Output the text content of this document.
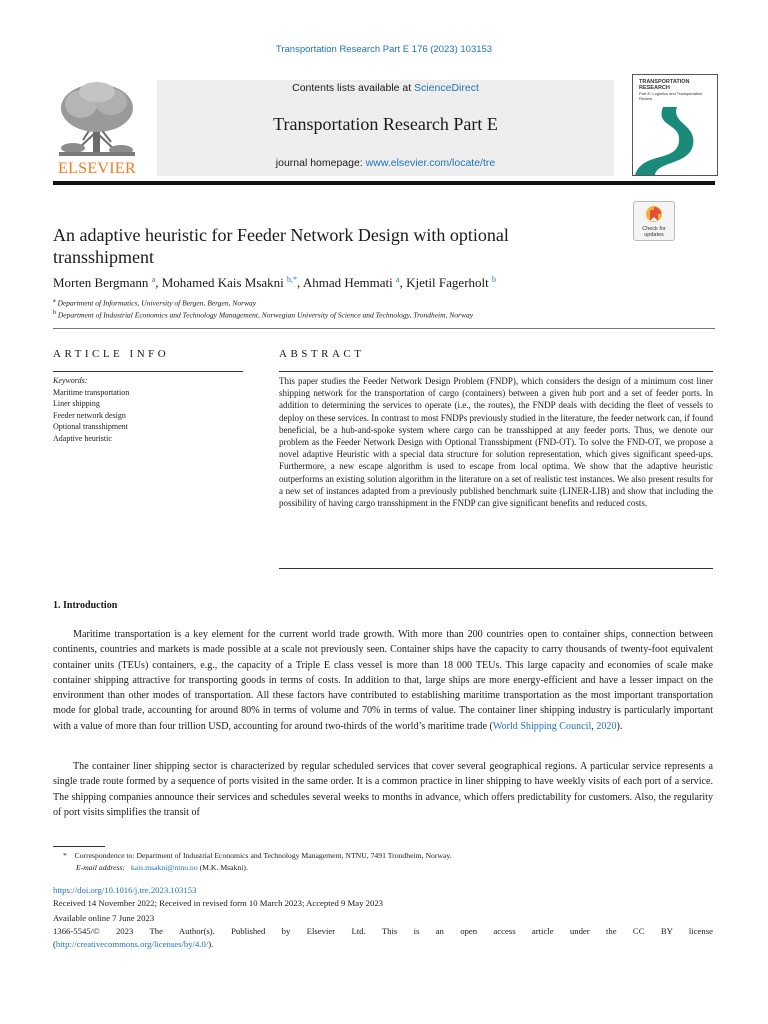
Transportation Research Part E 176 (2023) 103153
ELSEVIER
Contents lists available at ScienceDirect
Transportation Research Part E
journal homepage: www.elsevier.com/locate/tre
TRANSPORTATION RESEARCH
Part E: Logistics and Transportation Review
Check for updates
An adaptive heuristic for Feeder Network Design with optional transshipment
Morten Bergmann $^a$, Mohamed Kais Msakni $^{b,*}$, Ahmad Hemmati $^a$, Kjetil Fagerholt $^b$
$^a$ Department of Informatics, University of Bergen, Bergen, Norway
$^b$ Department of Industrial Economics and Technology Management, Norwegian University of Science and Technology, Trondheim, Norway
ARTICLE INFO	ABSTRACT
Keywords:
Maritime transportation
Liner shipping
Feeder network design
Optional transshipment
Adaptive heuristic
This paper studies the Feeder Network Design Problem (FNDP), which considers the design of a minimum cost liner shipping network for the transportation of cargo (containers) between a given hub port and a set of feeder ports. In addition to determining the services to operate (i.e., the routes), the FNDP deals with deciding the fleet of vessels to deploy on these services. In contrast to most FNDPs previously studied in the literature, the feeder network can, if found beneficial, be a hub-and-spoke system where cargo can be transshipped at any feeder ports. Thus, we denote our problem as the Feeder Network Design with Optional Transshipment (FND-OT). To solve the FND-OT, we propose a novel adaptive Heuristic with a special data structure for solution representation, which gives significant speed-ups. Furthermore, a new escape algorithm is used to escape from local optima. We show that the adaptive heuristic outperforms an existing solution algorithm in the literature on a set of realistic test instances. We also present results for a new set of instances adapted from a previously published benchmark suite (LINER-LIB) and show that including the possibility of having cargo transshipment in the FNDP can give significant benefits and reduced costs.
1. Introduction
Maritime transportation is a key element for the current world trade growth. With more than 200 countries open to container ships, connection between continents, countries and markets is made possible at a scale not previously seen. Container ships have the capacity to carry thousands of twenty-foot equivalent container units (TEUs) containers, e.g., the capacity of a Triple E class vessel is more than 18 000 TEUs. This large capacity and economies of scale make container shipping attractive for transporting goods in terms of costs. In addition to that, large ships are more energy-efficient and have a lesser impact on the environment than other modes of transportation. All these factors have contributed to establishing maritime transportation as the most important transportation mode for global trade, accounting for around 80% in terms of volume and 70% in terms of value. The container liner shipping industry is particularly important with a value of more than four trillion USD, accounting for around two-thirds of the world’s maritime trade (World Shipping Council, 2020).
The container liner shipping sector is characterized by regular scheduled services that cover several geographical regions. A particular service represents a single trade route formed by a sequence of ports visited in the same order. It is a common practice in liner shipping to have weekly visits of each port of a service. The shipping companies announce their services and schedules several weeks to months in advance, which offers predictability for customers. Also, the regularity of port visits simplifies the transit of
* Correspondence to: Department of Industrial Economics and Technology Management, NTNU, 7491 Trondheim, Norway.
E-mail address: kais.msakni@ntnu.no (M.K. Msakni).
https://doi.org/10.1016/j.tre.2023.103153
Received 14 November 2022; Received in revised form 10 March 2023; Accepted 9 May 2023
Available online 7 June 2023
1366-5545/© 2023 The Author(s). Published by Elsevier Ltd. This is an open access article under the CC BY license
(http://creativecommons.org/licenses/by/4.0/).
